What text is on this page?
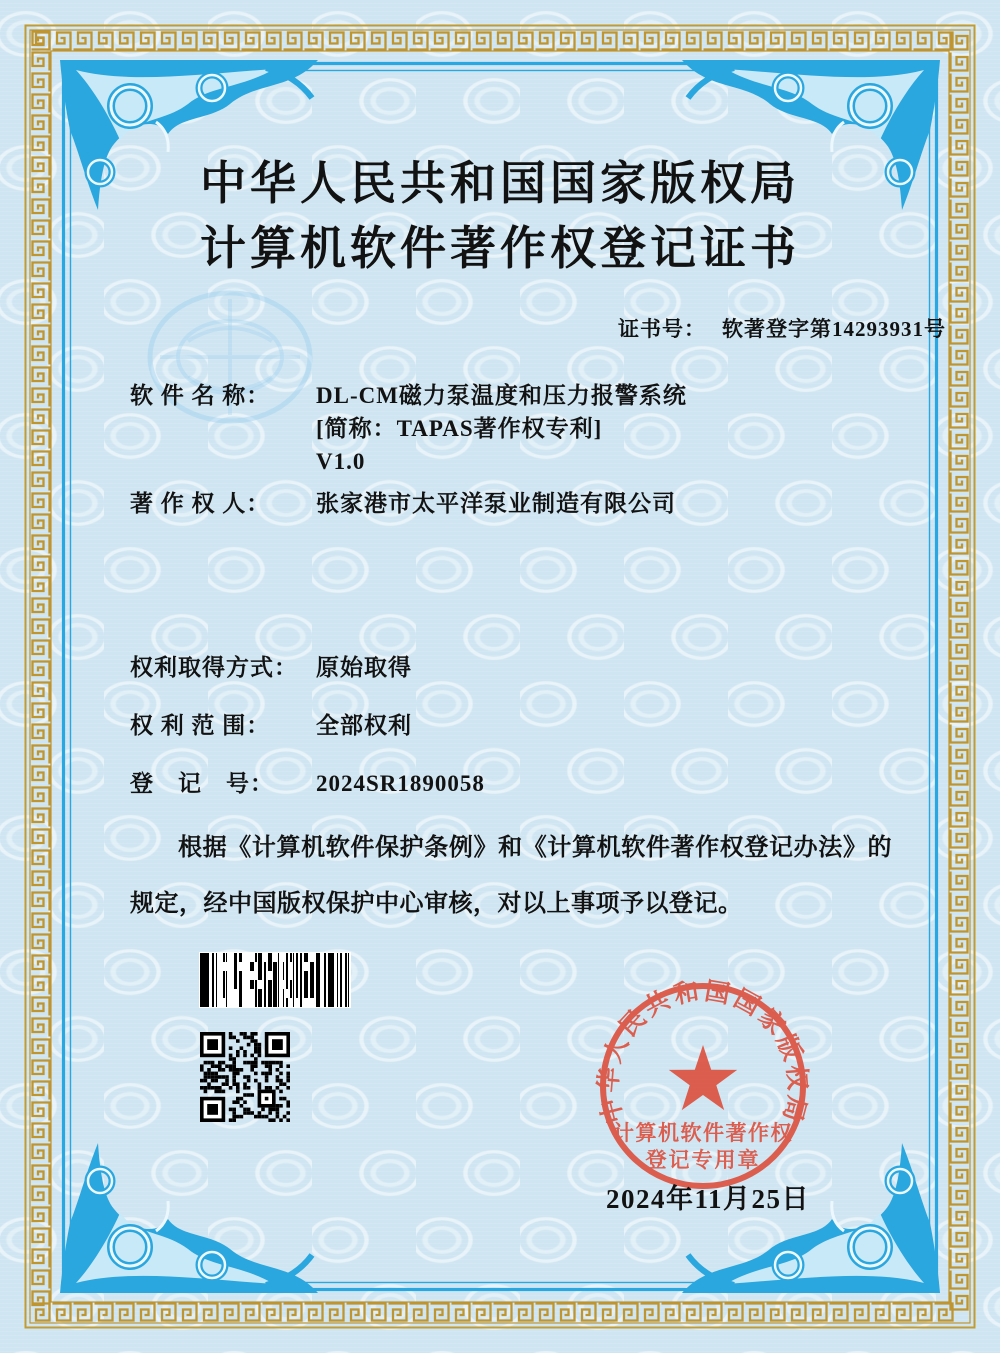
中华人民共和国国家版权局
计算机软件著作权登记证书
证书号： 软著登字第14293931号
软 件 名 称：	DL-CM磁力泵温度和压力报警系统
[简称：TAPAS著作权专利]
V1.0
著 作 权 人：	张家港市太平洋泵业制造有限公司
权利取得方式： 原始取得
权 利 范 围：	全部权利
登　记　号：	2024SR1890058

根据《计算机软件保护条例》和《计算机软件著作权登记办法》的规定，经中国版权保护中心审核，对以上事项予以登记。

中华人民共和国国家版权局
计算机软件著作权
登记专用章
2024年11月25日
